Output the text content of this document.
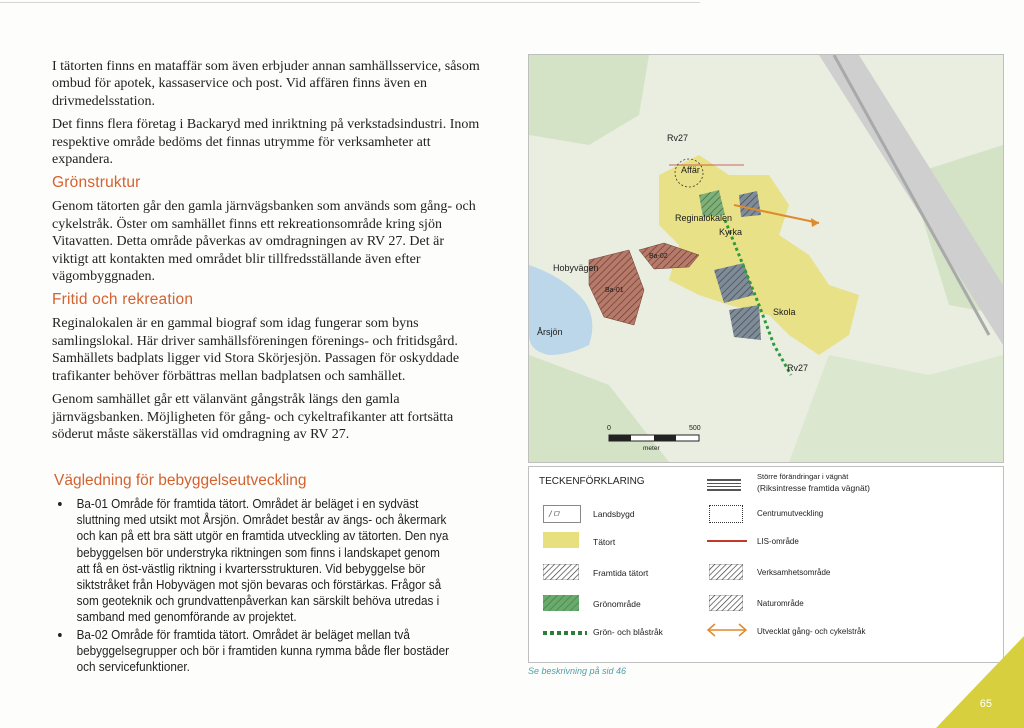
I tätorten finns en mataffär som även erbjuder annan samhällsservice, såsom ombud för apotek, kassaservice och post. Vid affären finns även en drivmedelsstation.

Det finns flera företag i Backaryd med inriktning på verkstadsindustri. Inom respektive område bedöms det finnas utrymme för verksamheter att expandera.

Grönstruktur

Genom tätorten går den gamla järnvägsbanken som används som gång- och cykelstråk. Öster om samhället finns ett rekreationsområde kring sjön Vitavatten. Detta område påverkas av omdragningen av RV 27. Det är viktigt att kontakten med området blir tillfredsställande även efter vägombyggnaden.

Fritid och rekreation

Reginalokalen är en gammal biograf som idag fungerar som byns samlingslokal. Här driver samhällsföreningen förenings- och fritidsgård. Samhällets badplats ligger vid Stora Skörjesjön. Passagen för oskyddade trafikanter behöver förbättras mellan badplatsen och samhället.

Genom samhället går ett välanvänt gångstråk längs den gamla järnvägsbanken. Möjligheten för gång- och cykeltrafikanter att fortsätta söderut måste säkerställas vid omdragning av RV 27.

Rv27
Affär
Reginalokalen
Kyrka
Hobyvägen
Ba-02
Ba-01
Årsjön
Skola
Rv27
0	500
meter
Vägledning för bebyggelseutveckling
Ba-01 Område för framtida tätort. Området är beläget i en sydväst sluttning med utsikt mot Årsjön. Området består av ängs- och åkermark och kan på ett bra sätt utgör en framtida utveckling av tätorten. Den nya bebyggelsen bör understryka riktningen som finns i landskapet genom att få en öst-västlig riktning i kvartersstrukturen. Vid bebyggelse bör siktstråket från Hobyvägen mot sjön bevaras och förstärkas. Frågor så som geoteknik och grundvattenpåverkan kan särskilt behöva utredas i samband med genomförande av projektet.
Ba-02 Område för framtida tätort. Området är beläget mellan två bebyggelsegrupper och bör i framtiden kunna rymma både fler bostäder och servicefunktioner.
TECKENFÖRKLARING
/ㅁ	Landsbygd
Tätort
Framtida tätort
Grönområde
Grön- och blåstråk
Större förändringar i vägnät
(Riksintresse framtida vägnät)
Centrumutveckling
LIS-område
Verksamhetsområde
Naturområde
Utvecklat gång- och cykelstråk
Se beskrivning på sid 46
65
